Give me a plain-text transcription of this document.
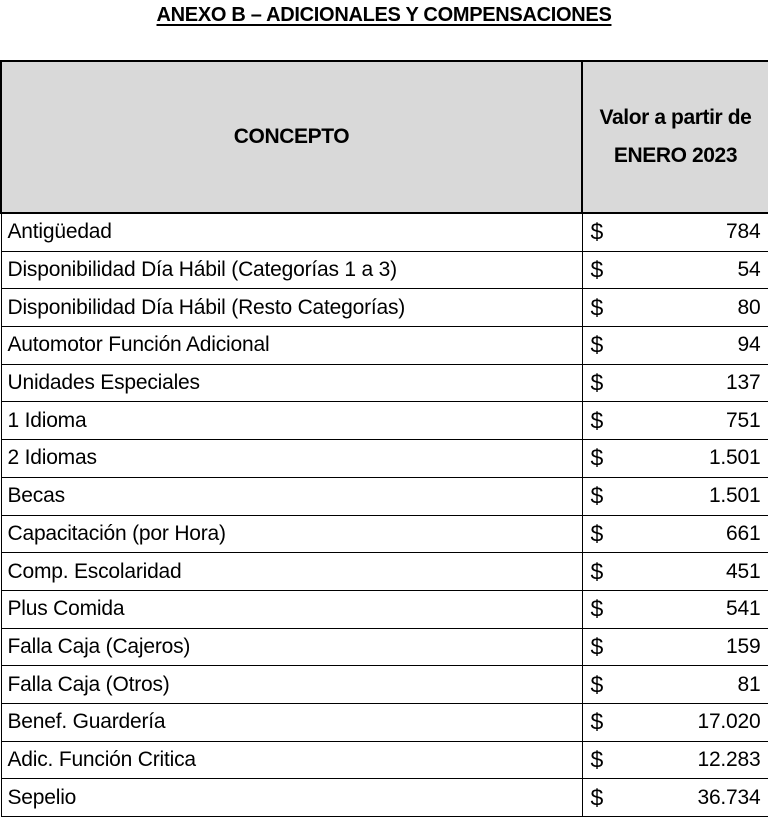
ANEXO B – ADICIONALES Y COMPENSACIONES
CONCEPTO	Valor a partir de
ENERO 2023
Antigüedad	$ 784

Disponibilidad Día Hábil (Categorías 1 a 3)	$ 54

Disponibilidad Día Hábil (Resto Categorías)	$ 80

Automotor Función Adicional	$ 94

Unidades Especiales	$ 137

1 Idioma	$ 751

2 Idiomas	$ 1.501

Becas	$ 1.501

Capacitación (por Hora)	$ 661

Comp. Escolaridad	$ 451

Plus Comida	$ 541

Falla Caja (Cajeros)	$ 159

Falla Caja (Otros)	$ 81

Benef. Guardería	$ 17.020

Adic. Función Critica	$ 12.283

Sepelio	$ 36.734
